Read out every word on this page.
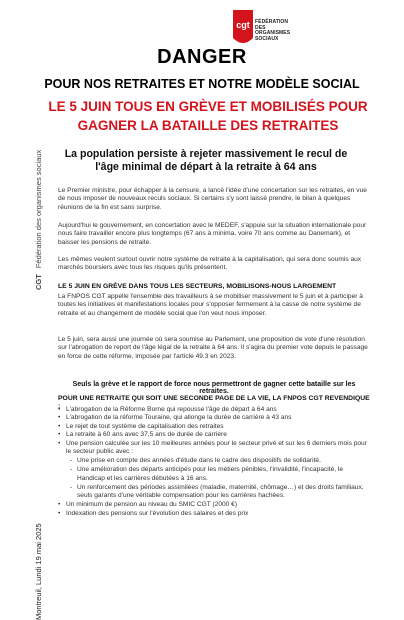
cgt FÉDÉRATION
DES
ORGANISMES
SOCIAUX
CGTFédération des organismes sociaux
Montreuil, Lundi 19 mai 2025
DANGER
POUR NOS RETRAITES ET NOTRE MODÈLE SOCIAL
LE 5 JUIN TOUS EN GRÈVE ET MOBILISÉS POUR GAGNER LA BATAILLE DES RETRAITES
La population persiste à rejeter massivement le recul de l'âge minimal de départ à la retraite à 64 ans
Le Premier ministre, pour échapper à la censure, a lancé l'idée d'une concertation sur les retraites, en vue de nous imposer de nouveaux reculs sociaux. Si certains s'y sont laissé prendre, le bilan à quelques réunions de la fin est sans surprise.
Aujourd'hui le gouvernement, en concertation avec le MEDEF, s'appuie sur la situation internationale pour nous faire travailler encore plus longtemps (67 ans à minima, voire 70 ans comme au Danemark), et baisser les pensions de retraite.
Les mêmes veulent surtout ouvrir notre système de retraite à la capitalisation, qui sera donc soumis aux marchés boursiers avec tous les risques qu'ils présentent.
LE 5 JUIN EN GRÈVE DANS TOUS LES SECTEURS, MOBILISONS-NOUS LARGEMENT
La FNPOS CGT appelle l'ensemble des travailleurs à se mobiliser massivement le 5 juin et à participer à toutes les initiatives et manifestations locales pour s'opposer fermement à la casse de notre système de retraite et au changement de modèle social que l'on veut nous imposer.
Le 5 juin, sera aussi une journée où sera soumise au Parlement, une proposition de vote d'une résolution sur l'abrogation de report de l'âge légal de la retraite à 64 ans. Il s'agira du premier vote depuis le passage en force de cette réforme, imposée par l'article 49.3 en 2023.
Seuls la grève et le rapport de force nous permettront de gagner cette bataille sur les retraites.
POUR UNE RETRAITE QUI SOIT UNE SECONDE PAGE DE LA VIE, LA FNPOS CGT REVENDIQUE :
• L'abrogation de la Réforme Borne qui repousse l'âge de départ à 64 ans
• L'abrogation de la réforme Touraine, qui allonge la durée de carrière à 43 ans
• Le rejet de tout système de capitalisation des retraites
• La retraite à 60 ans avec 37,5 ans de durée de carrière
• Une pension calculée sur les 10 meilleures années pour le secteur privé et sur les 6 derniers mois pour le secteur public avec :
- Une prise en compte des années d'étude dans le cadre des dispositifs de solidarité.
- Une amélioration des départs anticipés pour les métiers pénibles, l'invalidité, l'incapacité, le Handicap et les carrières débutées à 16 ans.
- Un renforcement des périodes assimilées (maladie, maternité, chômage…) et des droits familiaux, seuls garants d'une véritable compensation pour les carrières hachées.
• Un minimum de pension au niveau du SMIC CGT (2000 €)
• Indexation des pensions sur l'évolution des salaires et des prix
